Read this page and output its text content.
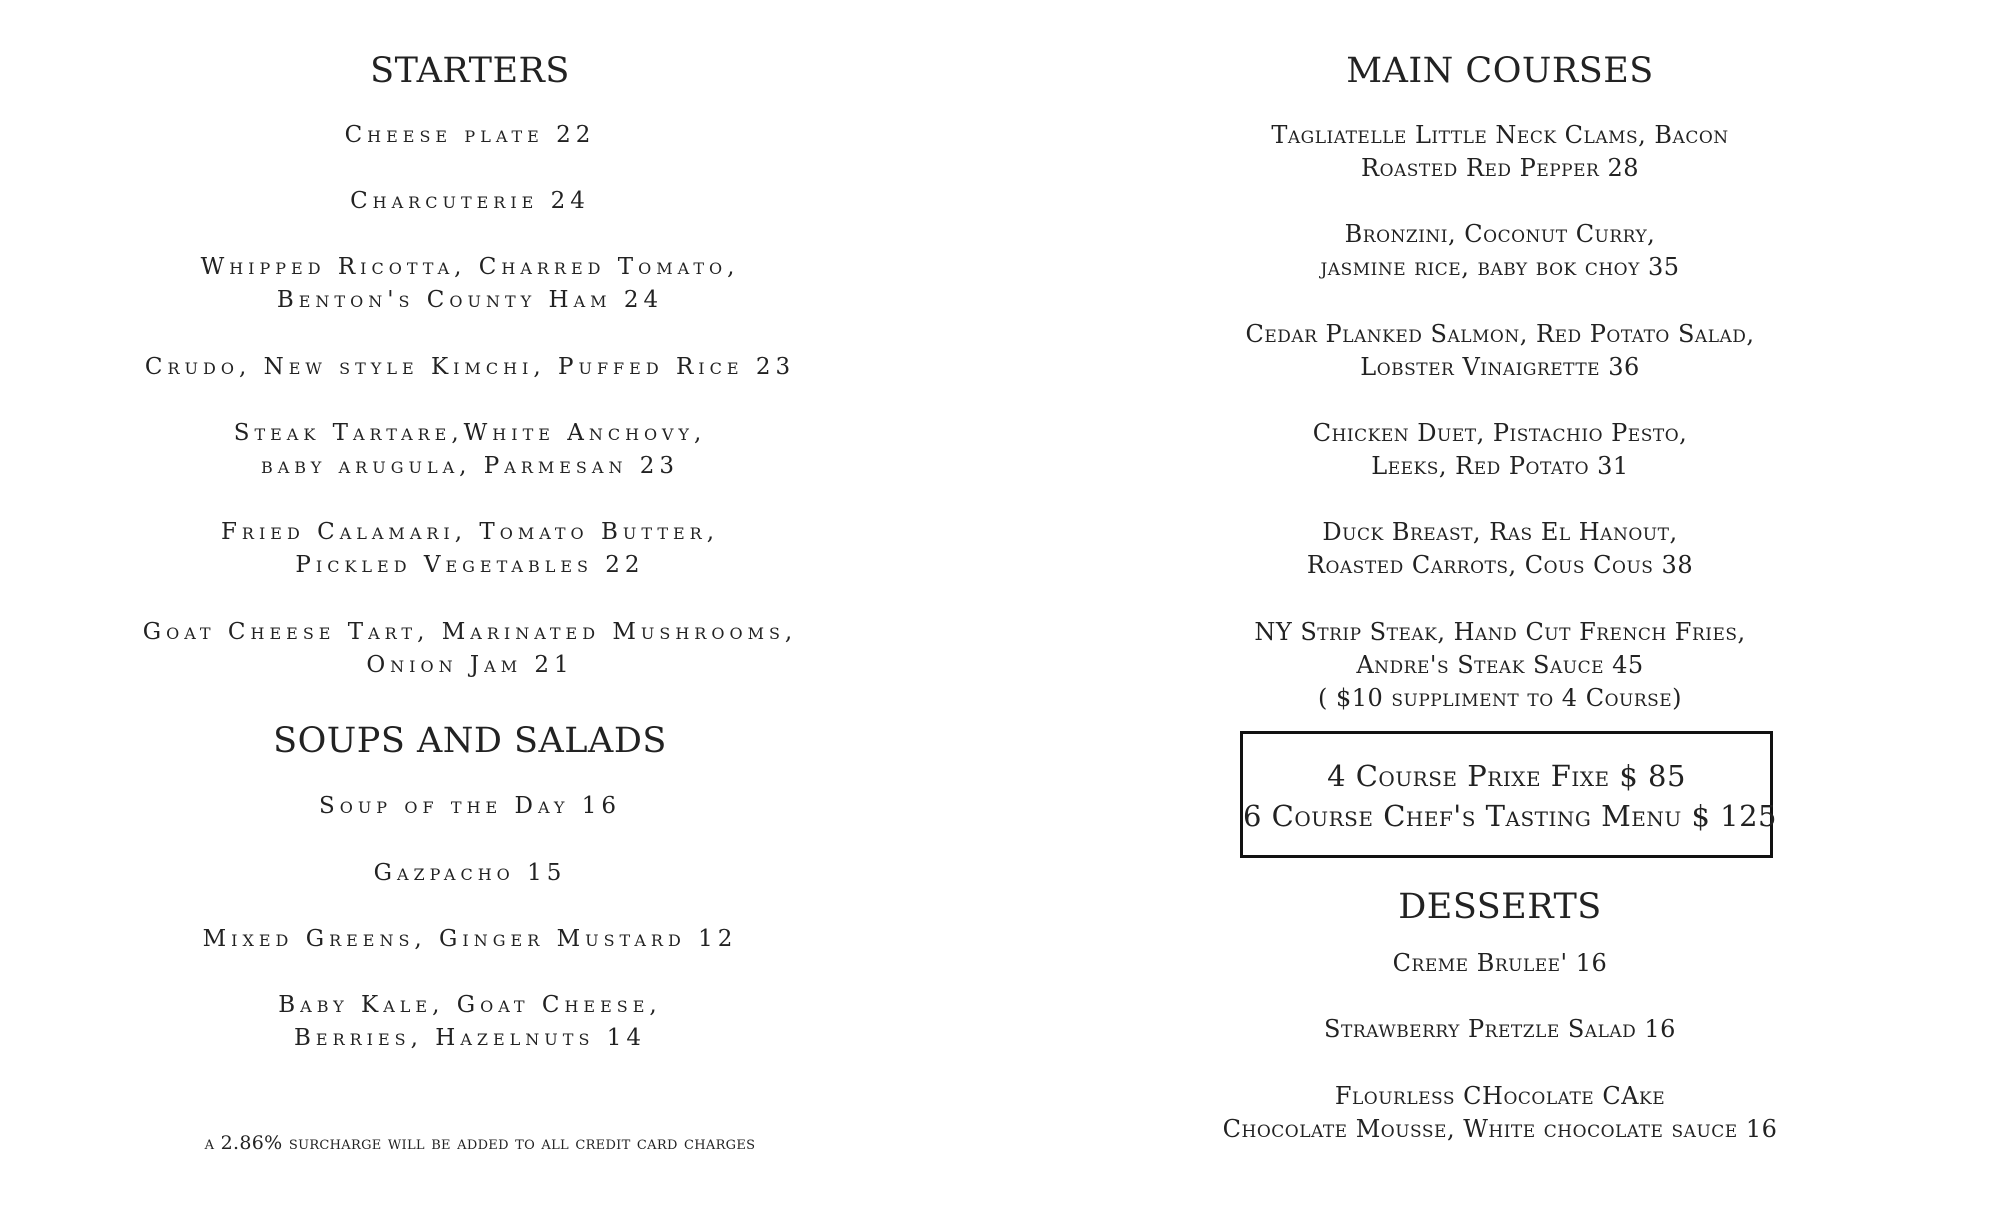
STARTERS
Cheese plate 22
Charcuterie 24
Whipped Ricotta, Charred Tomato,
Benton's County Ham 24
Crudo, New style Kimchi, Puffed Rice 23
Steak Tartare,White Anchovy,
baby arugula, Parmesan 23
Fried Calamari, Tomato Butter,
Pickled Vegetables 22
Goat Cheese Tart, Marinated Mushrooms,
Onion Jam 21
SOUPS AND SALADS
Soup of the Day 16
Gazpacho 15
Mixed Greens, Ginger Mustard 12
Baby Kale, Goat Cheese,
Berries, Hazelnuts 14
a 2.86% surcharge will be added to all credit card charges
MAIN COURSES
Tagliatelle Little Neck Clams, Bacon
Roasted Red Pepper 28
Bronzini, Coconut Curry,
jasmine rice, baby bok choy 35
Cedar Planked Salmon, Red Potato Salad,
Lobster Vinaigrette 36
Chicken Duet, Pistachio Pesto,
Leeks, Red Potato 31
Duck Breast, Ras El Hanout,
Roasted Carrots, Cous Cous 38
NY Strip Steak, Hand Cut French Fries,
Andre's Steak Sauce 45
( $10 suppliment to 4 Course)
DESSERTS
Creme Brulee' 16
Strawberry Pretzle Salad 16
Flourless CHocolate CAke
Chocolate Mousse, White chocolate sauce 16
4 Course Prixe Fixe $ 85
6 Course Chef's Tasting Menu $ 125
